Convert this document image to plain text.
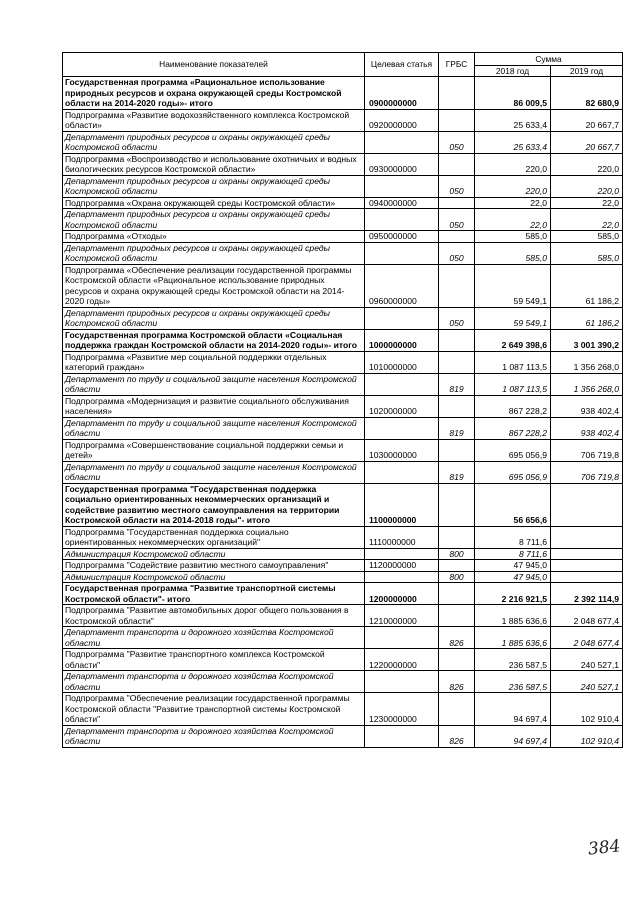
Наименование показателей	Целевая статья	ГРБС	Сумма	
			2018 год	2019 год
Государственная программа «Рациональное использование природных ресурсов и охрана окружающей среды Костромской области на 2014-2020 годы»- итого	0900000000		86 009,5	82 680,9
Подпрограмма «Развитие водохозяйственного комплекса Костромской области»	0920000000		25 633,4	20 667,7
Департамент природных ресурсов и охраны окружающей среды Костромской области		050	25 633,4	20 667,7
Подпрограмма «Воспроизводство и использование охотничьих и водных биологических ресурсов Костромской области»	0930000000		220,0	220,0
Департамент природных ресурсов и охраны окружающей среды Костромской области		050	220,0	220,0
Подпрограмма «Охрана окружающей среды Костромской области»	0940000000		22,0	22,0
Департамент природных ресурсов и охраны окружающей среды Костромской области		050	22,0	22,0
Подпрограмма «Отходы»	0950000000		585,0	585,0
Департамент природных ресурсов и охраны окружающей среды Костромской области		050	585,0	585,0
Подпрограмма «Обеспечение реализации государственной программы Костромской области «Рациональное использование природных ресурсов и охрана окружающей среды Костромской области на 2014-2020 годы»	0960000000		59 549,1	61 186,2
Департамент природных ресурсов и охраны окружающей среды Костромской области		050	59 549,1	61 186,2
Государственная программа Костромской области «Социальная поддержка граждан Костромской области на 2014-2020 годы»- итого	1000000000		2 649 398,6	3 001 390,2
Подпрограмма «Развитие мер социальной поддержки отдельных категорий граждан»	1010000000		1 087 113,5	1 356 268,0
Департамент по труду и социальной защите населения Костромской области		819	1 087 113,5	1 356 268,0
Подпрограмма «Модернизация и развитие социального обслуживания населения»	1020000000		867 228,2	938 402,4
Департамент по труду и социальной защите населения Костромской области		819	867 228,2	938 402,4
Подпрограмма «Совершенствование социальной поддержки семьи и детей»	1030000000		695 056,9	706 719,8
Департамент по труду и социальной защите населения Костромской области		819	695 056,9	706 719,8
Государственная программа "Государственная поддержка социально ориентированных некоммерческих организаций и содействие развитию местного самоуправления на территории Костромской области на 2014-2018 годы"- итого	1100000000		56 656,6	
Подпрограмма "Государственная поддержка социально ориентированных некоммерческих организаций"	1110000000		8 711,6	
Администрация Костромской области		800	8 711,6	
Подпрограмма "Содействие развитию местного самоуправления"	1120000000		47 945,0	
Администрация Костромской области		800	47 945,0	
Государственная программа "Развитие транспортной системы Костромской области"- итого	1200000000		2 216 921,5	2 392 114,9
Подпрограмма "Развитие автомобильных дорог общего пользования в Костромской области"	1210000000		1 885 636,6	2 048 677,4
Департамент транспорта и дорожного хозяйства Костромской области		826	1 885 636,6	2 048 677,4
Подпрограмма "Развитие транспортного комплекса Костромской области"	1220000000		236 587,5	240 527,1
Департамент транспорта и дорожного хозяйства Костромской области		826	236 587,5	240 527,1
Подпрограмма "Обеспечение реализации государственной программы Костромской области "Развитие транспортной системы Костромской области"	1230000000		94 697,4	102 910,4
Департамент транспорта и дорожного хозяйства Костромской области		826	94 697,4	102 910,4
384
